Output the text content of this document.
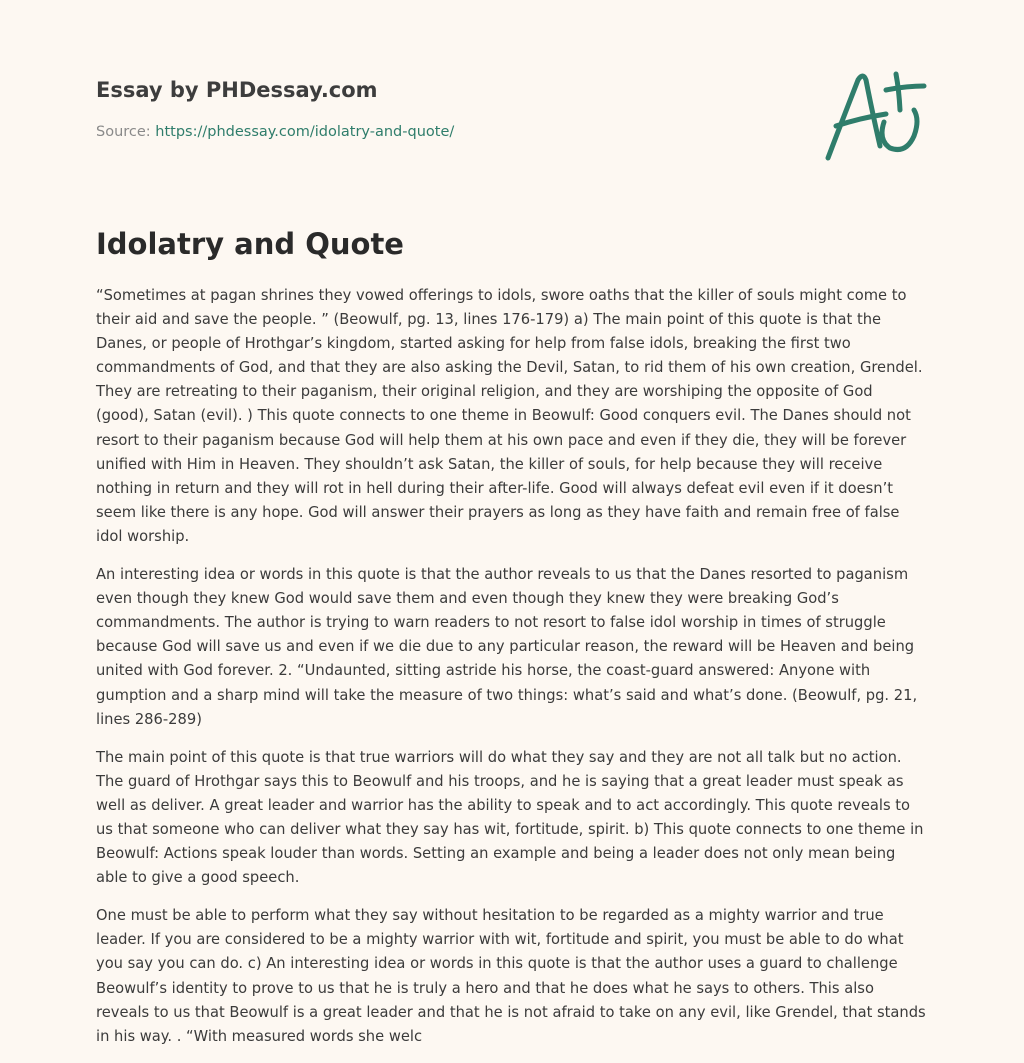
Essay by PHDessay.com
Source: https://phdessay.com/idolatry-and-quote/
Idolatry and Quote

“Sometimes at pagan shrines they vowed offerings to idols, swore oaths that the killer of souls might come to their aid and save the people. ” (Beowulf, pg. 13, lines 176-179) a) The main point of this quote is that the Danes, or people of Hrothgar’s kingdom, started asking for help from false idols, breaking the first two commandments of God, and that they are also asking the Devil, Satan, to rid them of his own creation, Grendel. They are retreating to their paganism, their original religion, and they are worshiping the opposite of God (good), Satan (evil). ) This quote connects to one theme in Beowulf: Good conquers evil. The Danes should not resort to their paganism because God will help them at his own pace and even if they die, they will be forever unified with Him in Heaven. They shouldn’t ask Satan, the killer of souls, for help because they will receive nothing in return and they will rot in hell during their after-life. Good will always defeat evil even if it doesn’t seem like there is any hope. God will answer their prayers as long as they have faith and remain free of false idol worship.

An interesting idea or words in this quote is that the author reveals to us that the Danes resorted to paganism even though they knew God would save them and even though they knew they were breaking God’s commandments. The author is trying to warn readers to not resort to false idol worship in times of struggle because God will save us and even if we die due to any particular reason, the reward will be Heaven and being united with God forever. 2. “Undaunted, sitting astride his horse, the coast-guard answered: Anyone with gumption and a sharp mind will take the measure of two things: what’s said and what’s done. (Beowulf, pg. 21, lines 286-289)

The main point of this quote is that true warriors will do what they say and they are not all talk but no action. The guard of Hrothgar says this to Beowulf and his troops, and he is saying that a great leader must speak as well as deliver. A great leader and warrior has the ability to speak and to act accordingly. This quote reveals to us that someone who can deliver what they say has wit, fortitude, spirit. b) This quote connects to one theme in Beowulf: Actions speak louder than words. Setting an example and being a leader does not only mean being able to give a good speech.

One must be able to perform what they say without hesitation to be regarded as a mighty warrior and true leader. If you are considered to be a mighty warrior with wit, fortitude and spirit, you must be able to do what you say you can do. c) An interesting idea or words in this quote is that the author uses a guard to challenge Beowulf’s identity to prove to us that he is truly a hero and that he does what he says to others. This also reveals to us that Beowulf is a great leader and that he is not afraid to take on any evil, like Grendel, that stands in his way. . “With measured words she welc
